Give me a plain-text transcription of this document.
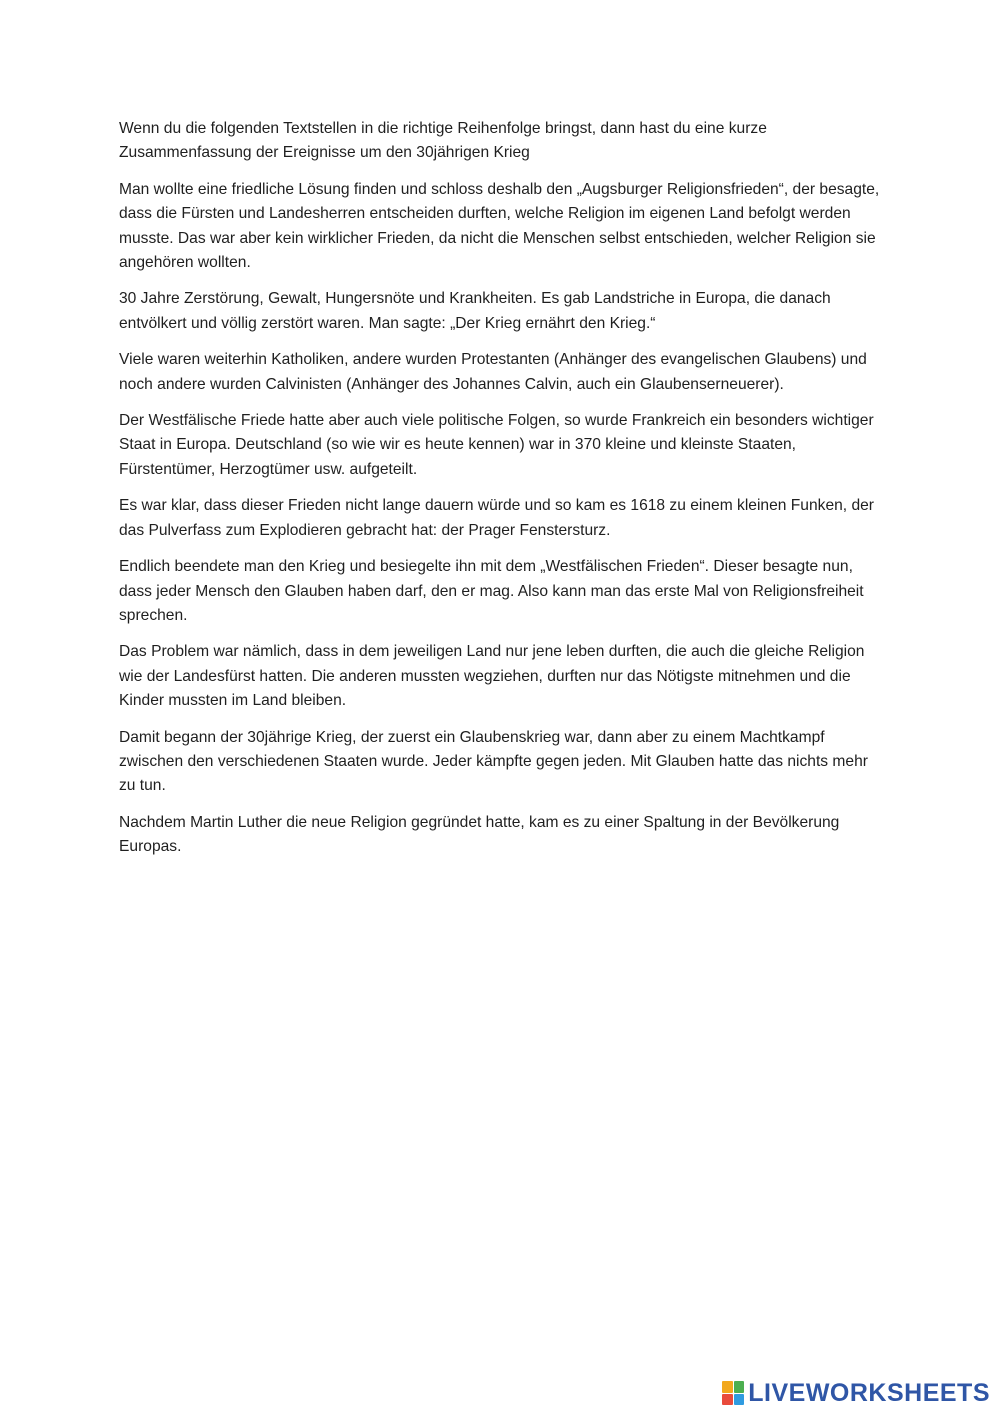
Wenn du die folgenden Textstellen in die richtige Reihenfolge bringst, dann hast du eine kurze Zusammenfassung der Ereignisse um den 30jährigen Krieg

Man wollte eine friedliche Lösung finden und schloss deshalb den „Augsburger Religionsfrieden“, der besagte, dass die Fürsten und Landesherren entscheiden durften, welche Religion im eigenen Land befolgt werden musste. Das war aber kein wirklicher Frieden, da nicht die Menschen selbst entschieden, welcher Religion sie angehören wollten.

30 Jahre Zerstörung, Gewalt, Hungersnöte und Krankheiten. Es gab Landstriche in Europa, die danach entvölkert und völlig zerstört waren. Man sagte: „Der Krieg ernährt den Krieg.“

Viele waren weiterhin Katholiken, andere wurden Protestanten (Anhänger des evangelischen Glaubens) und noch andere wurden Calvinisten (Anhänger des Johannes Calvin, auch ein Glaubenserneuerer).

Der Westfälische Friede hatte aber auch viele politische Folgen, so wurde Frankreich ein besonders wichtiger Staat in Europa. Deutschland (so wie wir es heute kennen) war in 370 kleine und kleinste Staaten, Fürstentümer, Herzogtümer usw. aufgeteilt.

Es war klar, dass dieser Frieden nicht lange dauern würde und so kam es 1618 zu einem kleinen Funken, der das Pulverfass zum Explodieren gebracht hat: der Prager Fenstersturz.

Endlich beendete man den Krieg und besiegelte ihn mit dem „Westfälischen Frieden“. Dieser besagte nun, dass jeder Mensch den Glauben haben darf, den er mag. Also kann man das erste Mal von Religionsfreiheit sprechen.

Das Problem war nämlich, dass in dem jeweiligen Land nur jene leben durften, die auch die gleiche Religion wie der Landesfürst hatten. Die anderen mussten wegziehen, durften nur das Nötigste mitnehmen und die Kinder mussten im Land bleiben.

Damit begann der 30jährige Krieg, der zuerst ein Glaubenskrieg war, dann aber zu einem Machtkampf zwischen den verschiedenen Staaten wurde. Jeder kämpfte gegen jeden. Mit Glauben hatte das nichts mehr zu tun.

Nachdem Martin Luther die neue Religion gegründet hatte, kam es zu einer Spaltung in der Bevölkerung Europas.

LIVEWORKSHEETS
